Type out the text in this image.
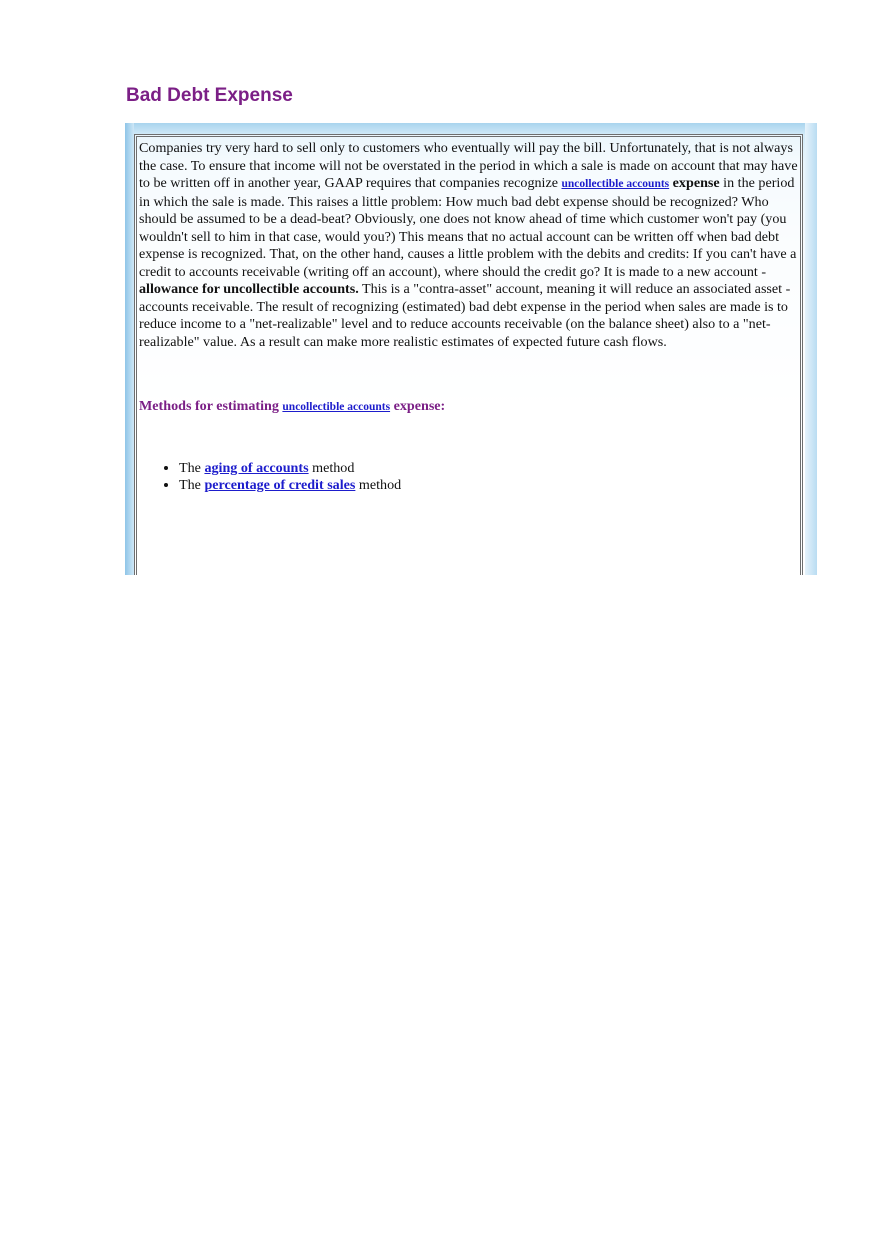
Bad Debt Expense

Companies try very hard to sell only to customers who eventually will pay the bill. Unfortunately, that is not always the case. To ensure that income will not be overstated in the period in which a sale is made on account that may have to be written off in another year, GAAP requires that companies recognize uncollectible accounts expense in the period in which the sale is made. This raises a little problem: How much bad debt expense should be recognized? Who should be assumed to be a dead-beat? Obviously, one does not know ahead of time which customer won't pay (you wouldn't sell to him in that case, would you?) This means that no actual account can be written off when bad debt expense is recognized. That, on the other hand, causes a little problem with the debits and credits: If you can't have a credit to accounts receivable (writing off an account), where should the credit go? It is made to a new account - allowance for uncollectible accounts. This is a "contra-asset" account, meaning it will reduce an associated asset - accounts receivable. The result of recognizing (estimated) bad debt expense in the period when sales are made is to reduce income to a "net-realizable" level and to reduce accounts receivable (on the balance sheet) also to a "net-realizable" value. As a result can make more realistic estimates of expected future cash flows.

Methods for estimating uncollectible accounts expense:

• The aging of accounts method
• The percentage of credit sales method
